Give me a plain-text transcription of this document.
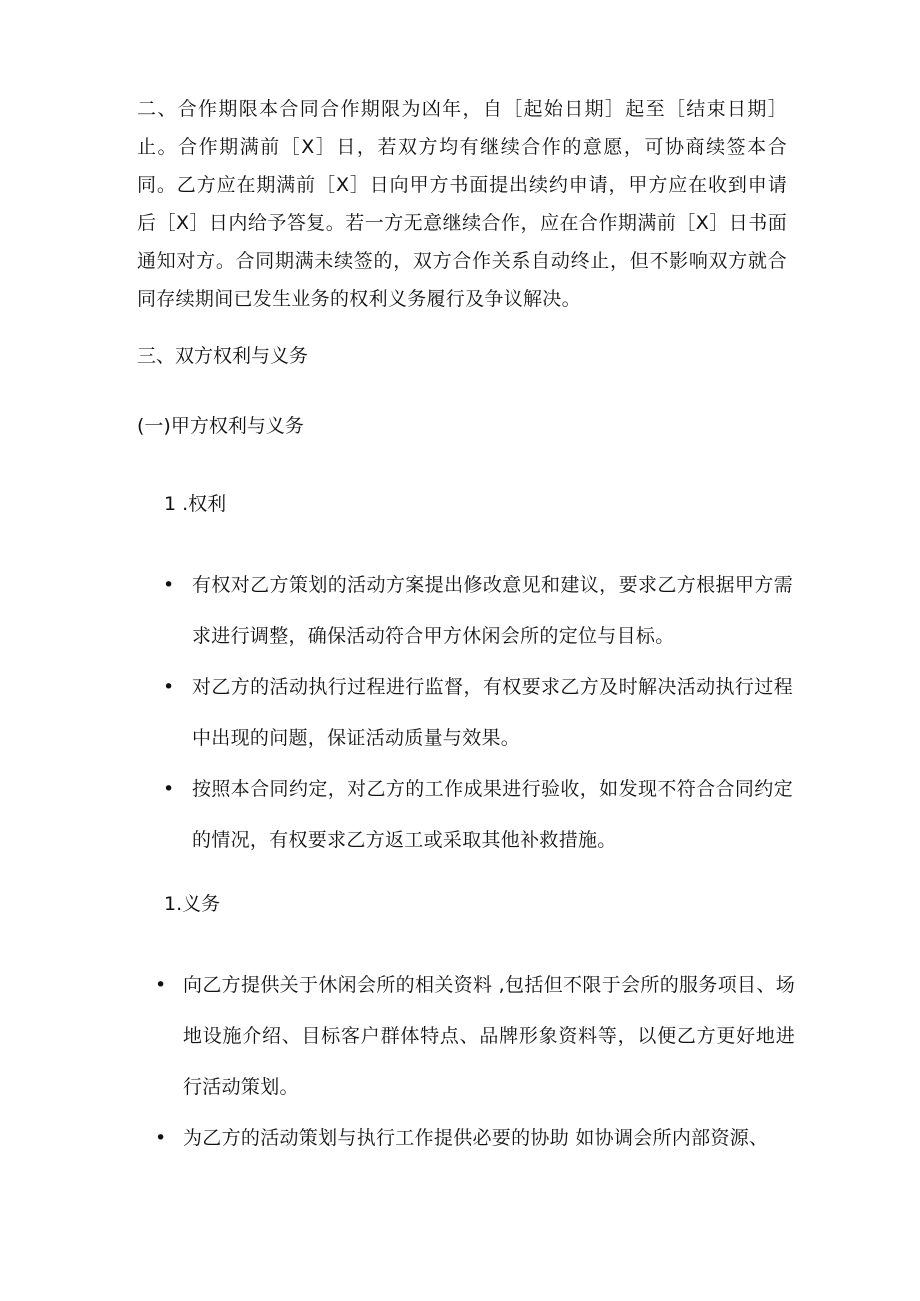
二、合作期限本合同合作期限为凶年，自［起始日期］起至［结束日期］止。合作期满前［X］日，若双方均有继续合作的意愿，可协商续签本合同。乙方应在期满前［X］日向甲方书面提出续约申请，甲方应在收到申请后［X］日内给予答复。若一方无意继续合作，应在合作期满前［X］日书面通知对方。合同期满未续签的，双方合作关系自动终止，但不影响双方就合同存续期间已发生业务的权利义务履行及争议解决。

三、双方权利与义务
(一)甲方权利与义务
1 .权利
• 有权对乙方策划的活动方案提出修改意见和建议，要求乙方根据甲方需求进行调整，确保活动符合甲方休闲会所的定位与目标。
• 对乙方的活动执行过程进行监督，有权要求乙方及时解决活动执行过程中出现的问题，保证活动质量与效果。
• 按照本合同约定，对乙方的工作成果进行验收，如发现不符合合同约定的情况，有权要求乙方返工或采取其他补救措施。
1.义务
• 向乙方提供关于休闲会所的相关资料 ,包括但不限于会所的服务项目、场地设施介绍、目标客户群体特点、品牌形象资料等，以便乙方更好地进行活动策划。
• 为乙方的活动策划与执行工作提供必要的协助 如协调会所内部资源、
